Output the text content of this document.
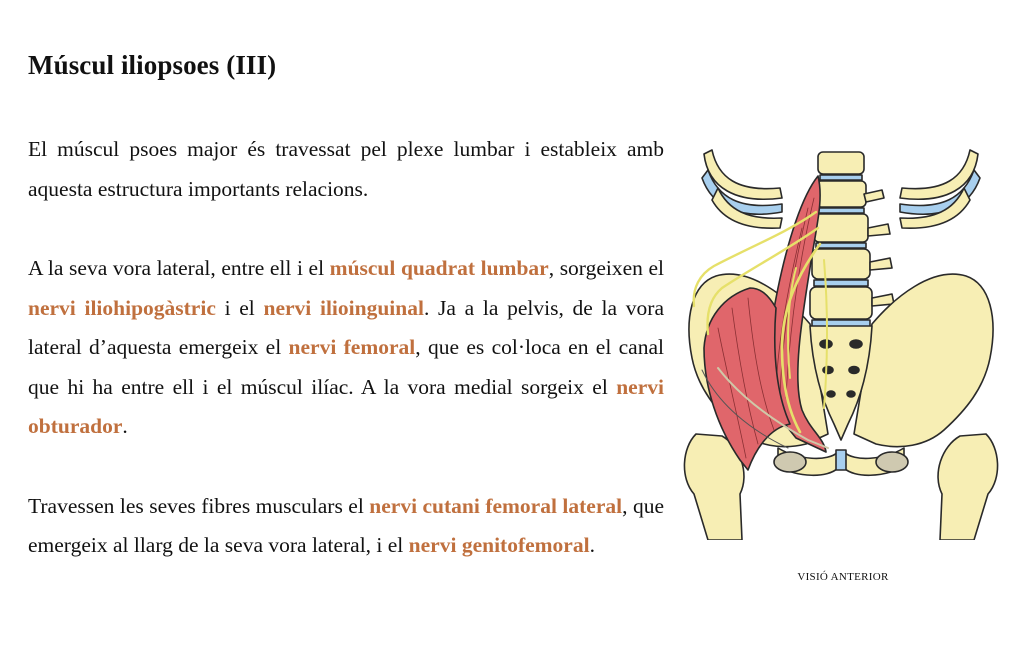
Múscul iliopsoes (III)

El múscul psoes major és travessat pel plexe lumbar i estableix amb aquesta estructura importants relacions.

A la seva vora lateral, entre ell i el múscul quadrat lumbar, sorgeixen el nervi iliohipogàstric i el nervi ilioinguinal. Ja a la pelvis, de la vora lateral d’aquesta emergeix el nervi femoral, que es col·loca en el canal que hi ha entre ell i el múscul ilíac. A la vora medial sorgeix el nervi obturador.

Travessen les seves fibres musculars el nervi cutani femoral lateral, que emergeix al llarg de la seva vora lateral, i el nervi genitofemoral.

VISIÓ ANTERIOR
